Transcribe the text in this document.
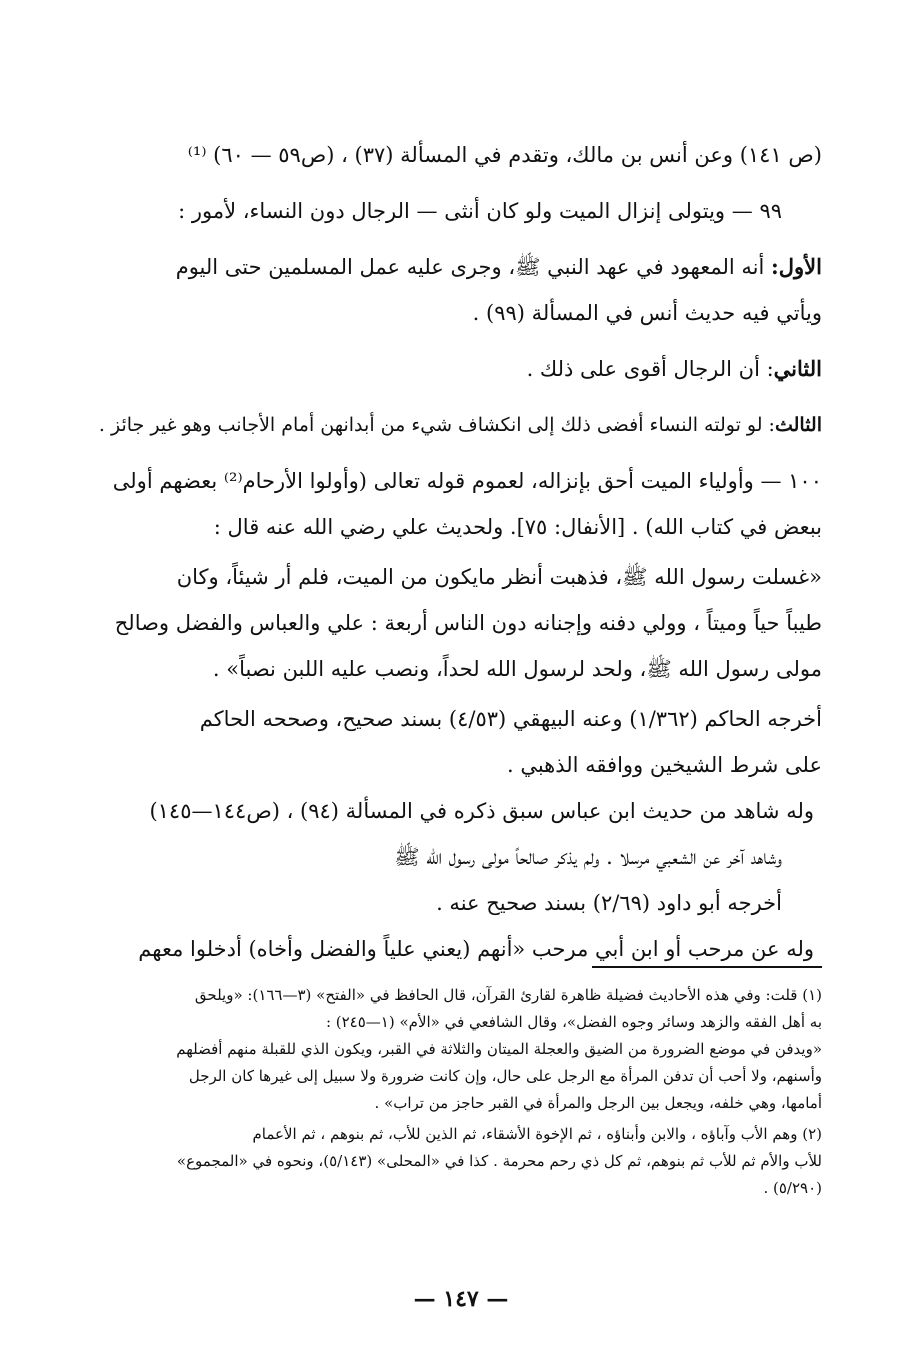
(ص ١٤١) وعن أنس بن مالك، وتقدم في المسألة (٣٧) ، (ص٥٩ — ٦٠) ⁽¹⁾
٩٩ — ويتولى إنزال الميت ولو كان أنثى — الرجال دون النساء، لأمور :
الأول: أنه المعهود في عهد النبي ﷺ، وجرى عليه عمل المسلمين حتى اليوم
ويأتي فيه حديث أنس في المسألة (٩٩) .
الثاني: أن الرجال أقوى على ذلك .
الثالث: لو تولته النساء أفضى ذلك إلى انكشاف شيء من أبدانهن أمام الأجانب وهو غير جائز .
١٠٠ — وأولياء الميت أحق بإنزاله، لعموم قوله تعالى (وأولوا الأرحام⁽²⁾ بعضهم أولى
ببعض في كتاب الله) . [الأنفال: ٧٥]. ولحديث علي رضي الله عنه قال :
«غسلت رسول الله ﷺ، فذهبت أنظر مايكون من الميت، فلم أر شيئاً، وكان
طيباً حياً وميتاً ، وولي دفنه وإجنانه دون الناس أربعة : علي والعباس والفضل وصالح
مولى رسول الله ﷺ، ولحد لرسول الله لحداً، ونصب عليه اللبن نصباً» .
أخرجه الحاكم (١/٣٦٢) وعنه البيهقي (٤/٥٣) بسند صحيح، وصححه الحاكم
على شرط الشيخين ووافقه الذهبي .
وله شاهد من حديث ابن عباس سبق ذكره في المسألة (٩٤) ، (ص١٤٤—١٤٥)
وشاهد آخر عن الشعبي مرسلا . ولم يذكر صالحاً مولى رسول الله ﷺ
أخرجه أبو داود (٢/٦٩) بسند صحيح عنه .
وله عن مرحب أو ابن أبي مرحب «أنهم (يعني علياً والفضل وأخاه) أدخلوا معهم
(١) قلت: وفي هذه الأحاديث فضيلة ظاهرة لقارئ القرآن، قال الحافظ في «الفتح» (٣—١٦٦): «ويلحق
به أهل الفقه والزهد وسائر وجوه الفضل»، وقال الشافعي في «الأم» (١—٢٤٥) :
«ويدفن في موضع الضرورة من الضيق والعجلة الميتان والثلاثة في القبر، ويكون الذي للقبلة منهم أفضلهم
وأسنهم، ولا أحب أن تدفن المرأة مع الرجل على حال، وإن كانت ضرورة ولا سبيل إلى غيرها كان الرجل
أمامها، وهي خلفه، ويجعل بين الرجل والمرأة في القبر حاجز من تراب» .
(٢) وهم الأب وآباؤه ، والابن وأبناؤه ، ثم الإخوة الأشقاء، ثم الذين للأب، ثم بنوهم ، ثم الأعمام
للأب والأم ثم للأب ثم بنوهم، ثم كل ذي رحم محرمة . كذا في «المحلى» (٥/١٤٣)، ونحوه في «المجموع»
(٥/٢٩٠) .
— ١٤٧ —
